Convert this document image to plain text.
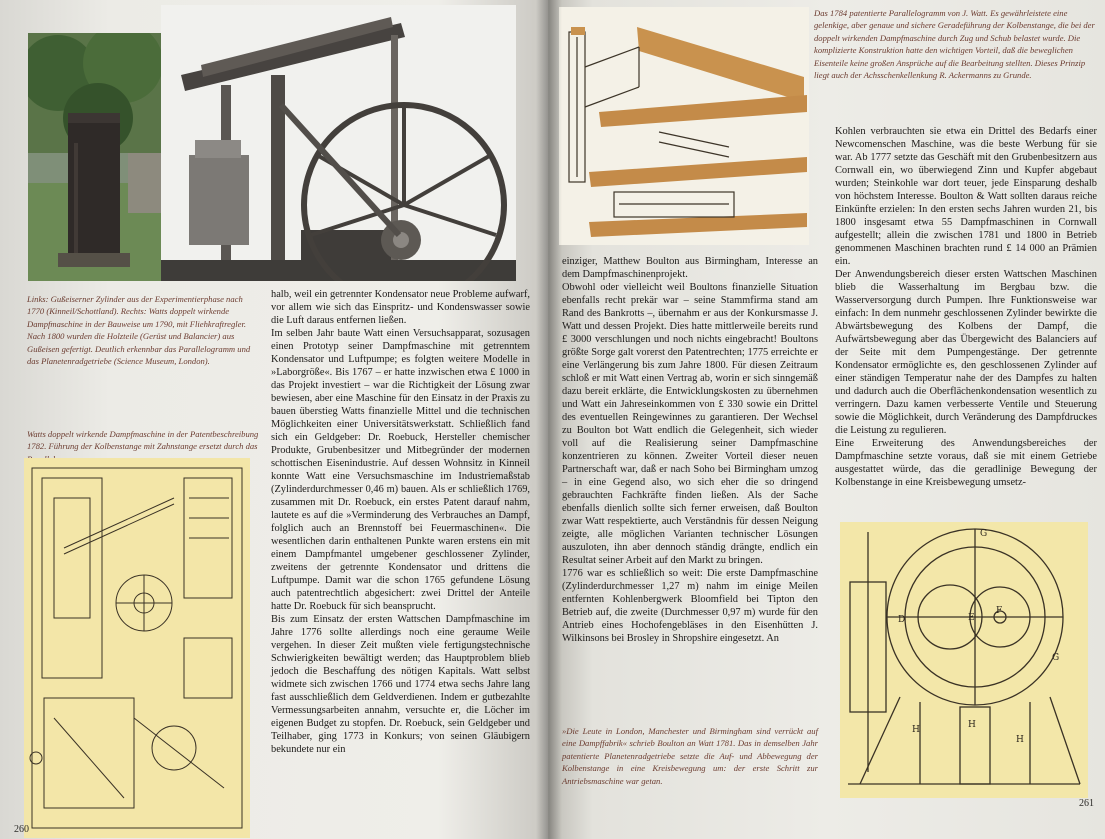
Links: Gußeiserner Zylinder aus der Experimentierphase nach 1770 (Kinneil/Schottland). Rechts: Watts doppelt wirkende Dampfmaschine in der Bauweise um 1790, mit Fliehkraftregler. Nach 1800 wurden die Holzteile (Gerüst und Balancier) aus Gußeisen gefertigt. Deutlich erkennbar das Parallelogramm und das Planetenradgetriebe (Science Museum, London).

Watts doppelt wirkende Dampfmaschine in der Patentbeschreibung 1782. Führung der Kolbenstange mit Zahnstange ersetzt durch das

halb, weil ein getrennter Kondensator neue Probleme aufwarf, vor allem wie sich das Einspritz- und Kondenswasser sowie die Luft daraus entfernen ließen.

Im selben Jahr baute Watt einen Versuchsapparat, sozusagen einen Prototyp seiner Dampfmaschine mit getrenntem Kondensator und Luftpumpe; es folgten weitere Modelle in »Laborgröße«. Bis 1767 – er hatte inzwischen etwa £ 1000 in das Projekt investiert – war die Richtigkeit der Lösung zwar bewiesen, aber eine Maschine für den Einsatz in der Praxis zu bauen überstieg Watts finanzielle Mittel und die technischen Möglichkeiten einer Universitätswerkstatt. Schließlich fand sich ein Geldgeber: Dr. Roebuck, Hersteller chemischer Produkte, Grubenbesitzer und Mitbegründer der modernen schottischen Eisenindustrie. Auf dessen Wohnsitz in Kinneil konnte Watt eine Versuchsmaschine im Industriemaßstab (Zylinderdurchmesser 0,46 m) bauen. Als er schließlich 1769, zusammen mit Dr. Roebuck, ein erstes Patent darauf nahm, lautete es auf die »Verminderung des Verbrauches an Dampf, folglich auch an Brennstoff bei Feuermaschinen«. Die wesentlichen darin enthaltenen Punkte waren erstens ein mit einem Dampfmantel umgebener geschlossener Zylinder, zweitens der getrennte Kondensator und drittens die Luftpumpe. Damit war die schon 1765 gefundene Lösung auch patentrechtlich abgesichert: zwei Drittel der Anteile hatte Dr. Roebuck für sich beansprucht.

Bis zum Einsatz der ersten Wattschen Dampfmaschine im Jahre 1776 sollte allerdings noch eine geraume Weile vergehen. In dieser Zeit mußten viele fertigungstechnische Schwierigkeiten bewältigt werden; das Hauptproblem blieb jedoch die Beschaffung des nötigen Kapitals. Watt selbst widmete sich zwischen 1766 und 1774 etwa sechs Jahre lang fast ausschließlich dem Geldverdienen. Indem er gutbezahlte Vermessungsarbeiten annahm, versuchte er, die Löcher im eigenen Budget zu stopfen. Dr. Roebuck, sein Geldgeber und Teilhaber, ging 1773 in Konkurs; von seinen Gläubigern bekundete nur ein

260

Das 1784 patentierte Parallelogramm von J. Watt. Es gewährleistete eine gelenkige, aber genaue und sichere Geradeführung der Kolbenstange, die bei der doppelt wirkenden Dampfmaschine durch Zug und Schub belastet wurde. Die komplizierte Konstruktion hatte den wichtigen Vorteil, daß die beweglichen Eisenteile keine großen Ansprüche auf die Bearbeitung stellten. Dieses Prinzip liegt auch der Achsschenkellenkung R. Ackermanns zu Grunde.

einziger, Matthew Boulton aus Birmingham, Interesse an dem Dampfmaschinenprojekt.

Obwohl oder vielleicht weil Boultons finanzielle Situation ebenfalls recht prekär war – seine Stammfirma stand am Rand des Bankrotts –, übernahm er aus der Konkursmasse J. Watt und dessen Projekt. Dies hatte mittlerweile bereits rund £ 3000 verschlungen und noch nichts eingebracht! Boultons größte Sorge galt vorerst den Patentrechten; 1775 erreichte er eine Verlängerung bis zum Jahre 1800. Für diesen Zeitraum schloß er mit Watt einen Vertrag ab, worin er sich sinngemäß dazu bereit erklärte, die Entwicklungskosten zu übernehmen und Watt ein Jahreseinkommen von £ 330 sowie ein Drittel des eventuellen Reingewinnes zu garantieren. Der Wechsel zu Boulton bot Watt endlich die Gelegenheit, sich wieder voll auf die Realisierung seiner Dampfmaschine konzentrieren zu können. Zweiter Vorteil dieser neuen Partnerschaft war, daß er nach Soho bei Birmingham umzog – in eine Gegend also, wo sich eher die so dringend gebrauchten Fachkräfte finden ließen. Als der Sache ebenfalls dienlich sollte sich ferner erweisen, daß Boulton zwar Watt respektierte, auch Verständnis für dessen Neigung zeigte, alle möglichen Varianten technischer Lösungen auszuloten, ihn aber dennoch ständig drängte, endlich ein Resultat seiner Arbeit auf den Markt zu bringen.

1776 war es schließlich so weit: Die erste Dampfmaschine (Zylinderdurchmesser 1,27 m) nahm im einige Meilen entfernten Kohlenbergwerk Bloomfield bei Tipton den Betrieb auf, die zweite (Durchmesser 0,97 m) wurde für den Antrieb eines Hochofengebläses in den Eisenhütten J. Wilkinsons bei Brosley in Shropshire eingesetzt. An

»Die Leute in London, Manchester und Birmingham sind verrückt auf eine Dampffabrik« schrieb Boulton an Watt 1781. Das in demselben Jahr patentierte Planetenradgetriebe setzte die Auf- und Abbewegung der Kolbenstange in eine Kreisbewegung um: der erste Schritt zur Antriebsmaschine war getan.

Kohlen verbrauchten sie etwa ein Drittel des Bedarfs einer Newcomenschen Maschine, was die beste Werbung für sie war. Ab 1777 setzte das Geschäft mit den Grubenbesitzern aus Cornwall ein, wo überwiegend Zinn und Kupfer abgebaut wurden; Steinkohle war dort teuer, jede Einsparung deshalb von höchstem Interesse. Boulton & Watt sollten daraus reiche Einkünfte erzielen: In den ersten sechs Jahren wurden 21, bis 1800 insgesamt etwa 55 Dampfmaschinen in Cornwall aufgestellt; allein die zwischen 1781 und 1800 in Betrieb genommenen Maschinen brachten rund £ 14 000 an Prämien ein.

Der Anwendungsbereich dieser ersten Wattschen Maschinen blieb die Wasserhaltung im Bergbau bzw. die Wasserversorgung durch Pumpen. Ihre Funktionsweise war einfach: In dem nunmehr geschlossenen Zylinder bewirkte die Abwärtsbewegung des Kolbens der Dampf, die Aufwärtsbewegung aber das Übergewicht des Balanciers auf der Seite mit dem Pumpengestänge. Der getrennte Kondensator ermöglichte es, den geschlossenen Zylinder auf einer ständigen Temperatur nahe der des Dampfes zu halten und dadurch auch die Oberflächenkondensation wesentlich zu verringern. Dazu kamen verbesserte Ventile und Steuerung sowie die Möglichkeit, durch Veränderung des Dampfdruckes die Leistung zu regulieren.

Eine Erweiterung des Anwendungsbereiches der Dampfmaschine setzte voraus, daß sie mit einem Getriebe ausgestattet würde, das die geradlinige Bewegung der Kolbenstange in eine Kreisbewegung umsetz-

G
D	E
F
G
H	H
H
261
